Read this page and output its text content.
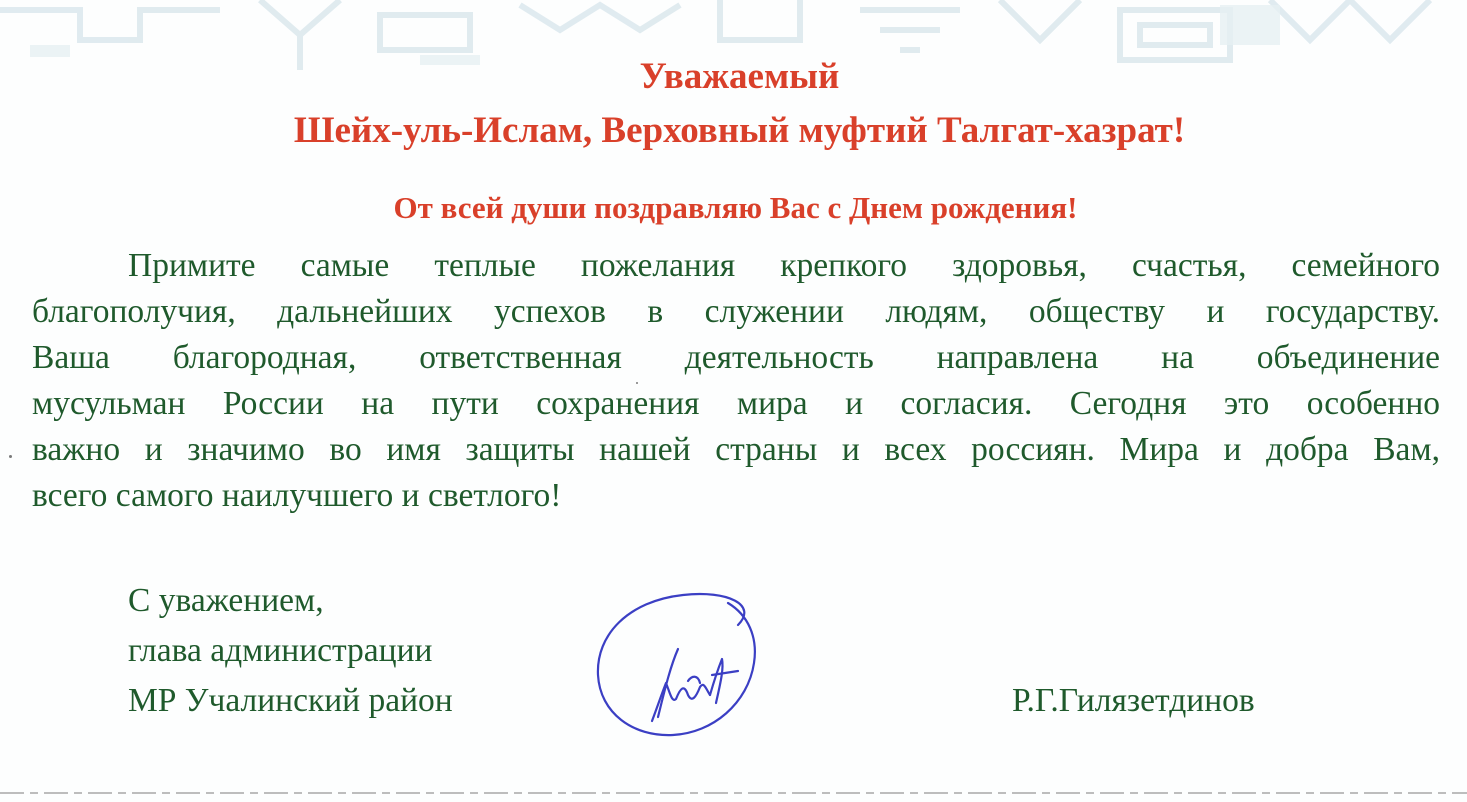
Уважаемый
Шейх-уль-Ислам, Верховный муфтий Талгат-хазрат!
От всей души поздравляю Вас с Днем рождения!
Примите самые теплые пожелания крепкого здоровья, счастья, семейного
благополучия, дальнейших успехов в служении людям, обществу и государству.
Ваша благородная, ответственная деятельность направлена на объединение
мусульман России на пути сохранения мира и согласия. Сегодня это особенно
важно и значимо во имя защиты нашей страны и всех россиян. Мира и добра Вам,
всего самого наилучшего и светлого!
С уважением,
глава администрации
МР Учалинский район	Р.Г.Гилязетдинов
